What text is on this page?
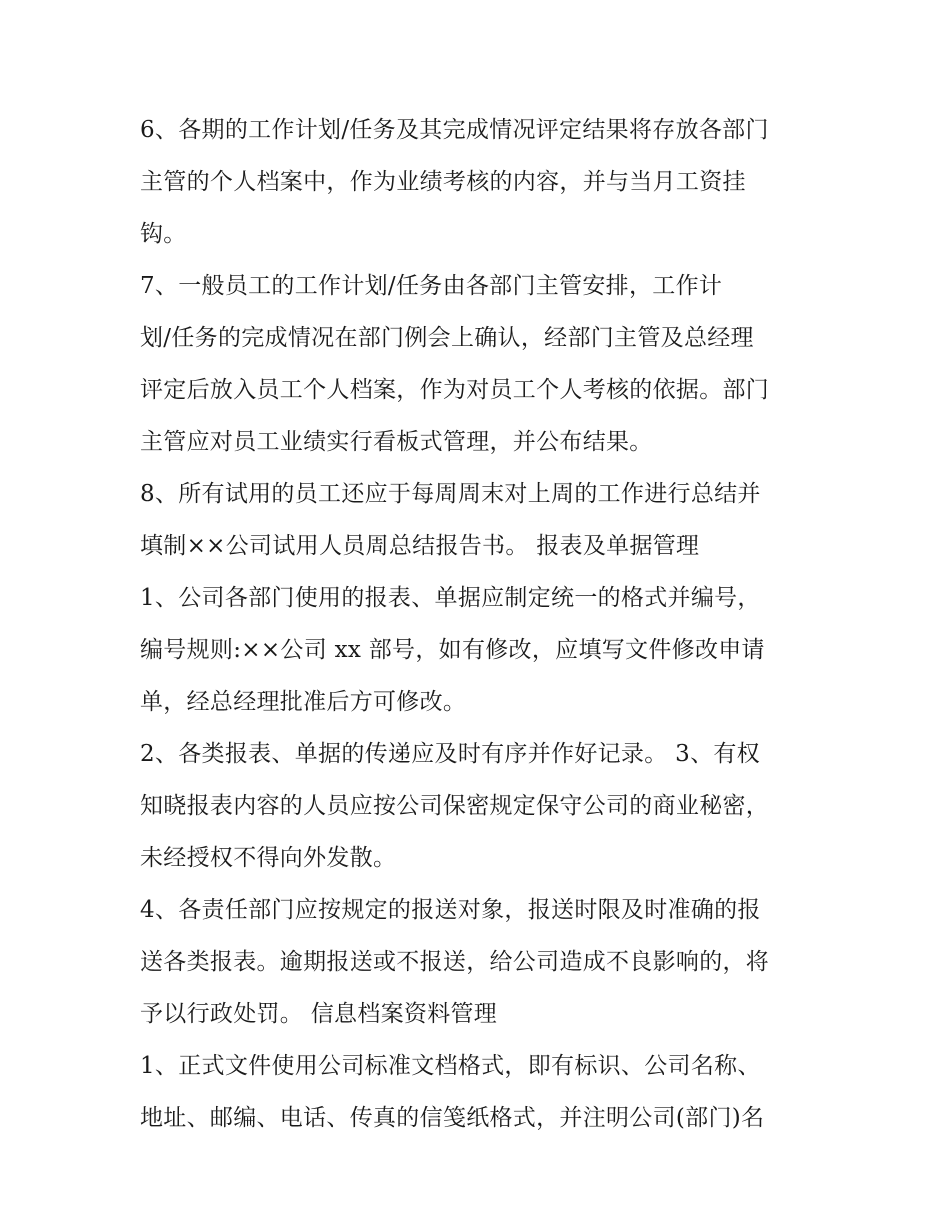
6、各期的工作计划/任务及其完成情况评定结果将存放各部门
主管的个人档案中，作为业绩考核的内容，并与当月工资挂
钩。
7、一般员工的工作计划/任务由各部门主管安排，工作计
划/任务的完成情况在部门例会上确认，经部门主管及总经理
评定后放入员工个人档案，作为对员工个人考核的依据。部门
主管应对员工业绩实行看板式管理，并公布结果。
8、所有试用的员工还应于每周周末对上周的工作进行总结并
填制××公司试用人员周总结报告书。 报表及单据管理
1、公司各部门使用的报表、单据应制定统一的格式并编号，
编号规则:××公司 xx 部号，如有修改，应填写文件修改申请
单，经总经理批准后方可修改。
2、各类报表、单据的传递应及时有序并作好记录。 3、有权
知晓报表内容的人员应按公司保密规定保守公司的商业秘密，
未经授权不得向外发散。
4、各责任部门应按规定的报送对象，报送时限及时准确的报
送各类报表。逾期报送或不报送，给公司造成不良影响的，将
予以行政处罚。 信息档案资料管理
1、正式文件使用公司标准文档格式，即有标识、公司名称、
地址、邮编、电话、传真的信笺纸格式，并注明公司(部门)名
